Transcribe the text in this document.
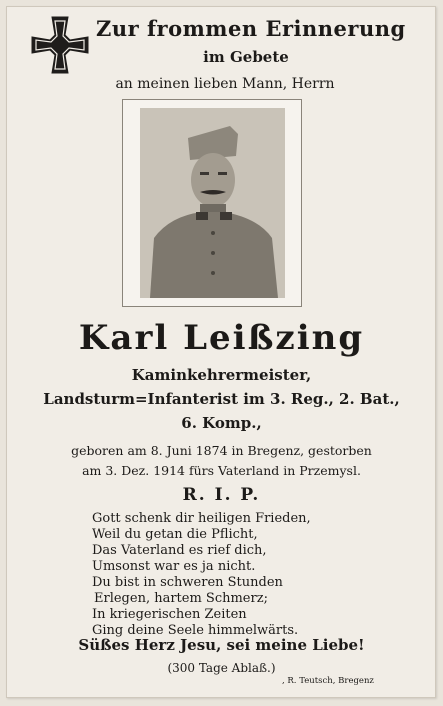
Zur frommen Erinnerung
im Gebete
an meinen lieben Mann, Herrn
Karl Leißzing
Kaminkehrermeister,
Landsturm=Infanterist im 3. Reg., 2. Bat.,
6. Komp.,
geboren am 8. Juni 1874 in Bregenz, gestorben
am 3. Dez. 1914 fürs Vaterland in Przemysl.
R. I. P.
Gott schenk dir heiligen Frieden,
Weil du getan die Pflicht,
Das Vaterland es rief dich,
Umsonst war es ja nicht.
Du bist in schweren Stunden
Erlegen, hartem Schmerz;
In kriegerischen Zeiten
Ging deine Seele himmelwärts.
Süßes Herz Jesu, sei meine Liebe!
(300 Tage Ablaß.)
, R. Teutsch, Bregenz
